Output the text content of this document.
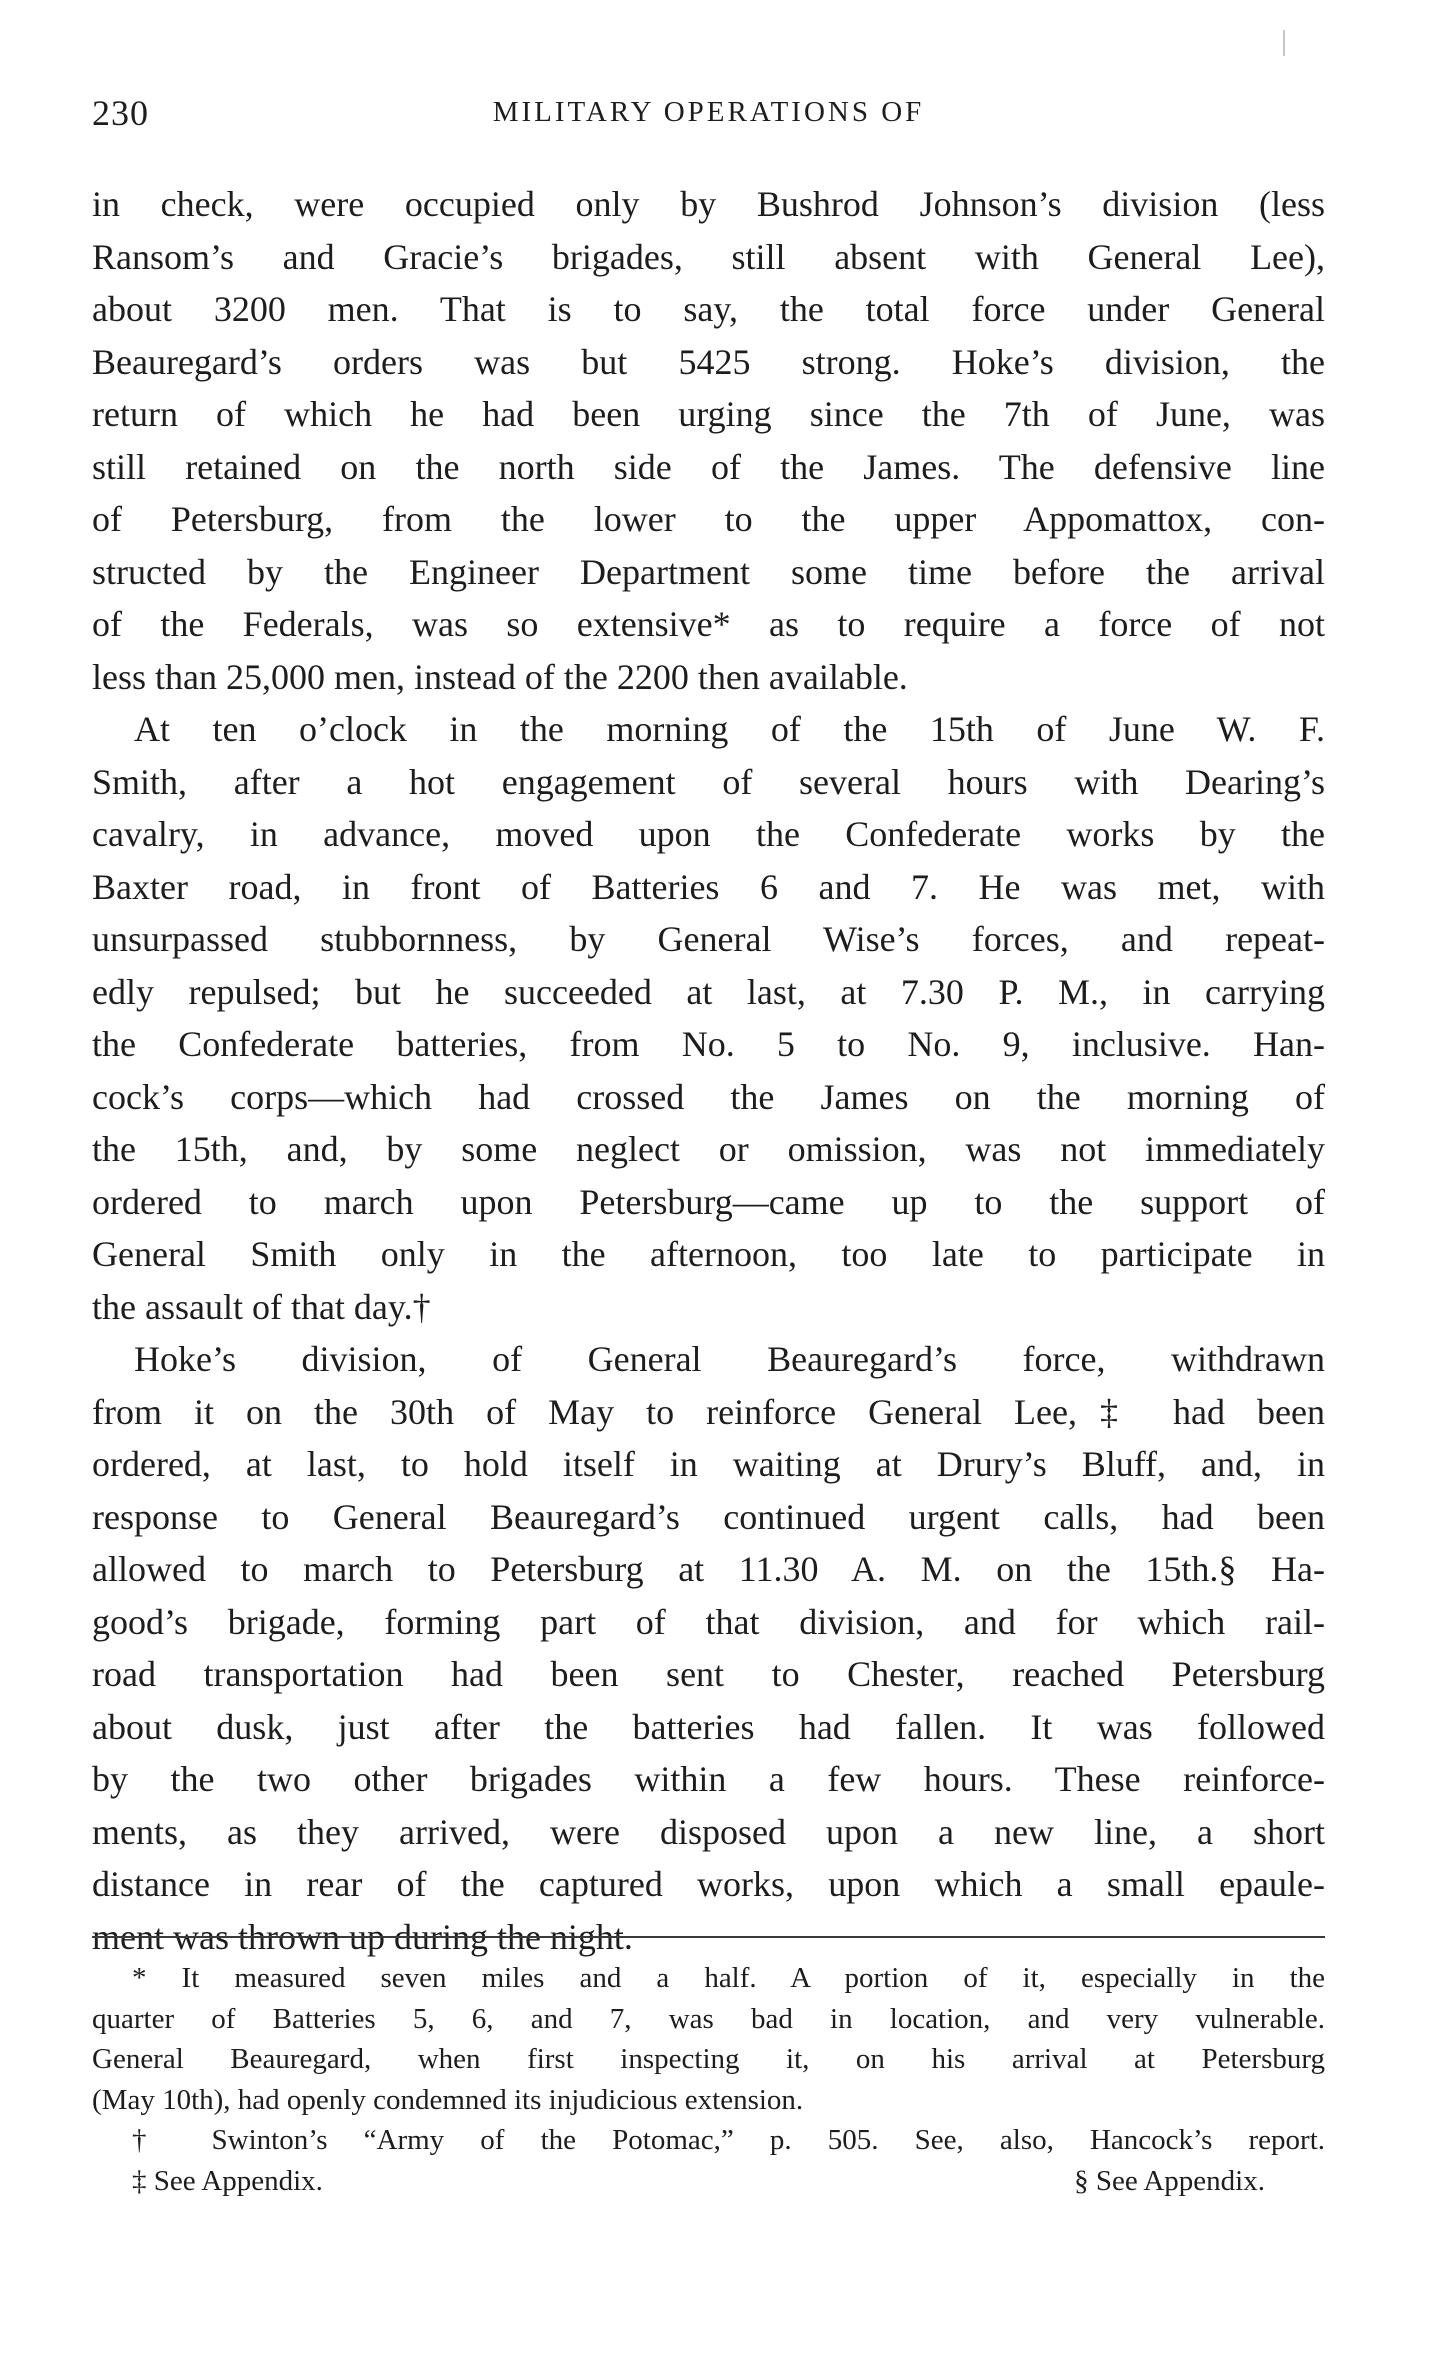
230	MILITARY OPERATIONS OF
in check, were occupied only by Bushrod Johnson’s division (less
Ransom’s and Gracie’s brigades, still absent with General Lee),
about 3200 men. That is to say, the total force under General
Beauregard’s orders was but 5425 strong. Hoke’s division, the
return of which he had been urging since the 7th of June, was
still retained on the north side of the James. The defensive line
of Petersburg, from the lower to the upper Appomattox, con-
structed by the Engineer Department some time before the arrival
of the Federals, was so extensive* as to require a force of not
less than 25,000 men, instead of the 2200 then available.
At ten o’clock in the morning of the 15th of June W. F.
Smith, after a hot engagement of several hours with Dearing’s
cavalry, in advance, moved upon the Confederate works by the
Baxter road, in front of Batteries 6 and 7. He was met, with
unsurpassed stubbornness, by General Wise’s forces, and repeat-
edly repulsed; but he succeeded at last, at 7.30 P. M., in carrying
the Confederate batteries, from No. 5 to No. 9, inclusive. Han-
cock’s corps—which had crossed the James on the morning of
the 15th, and, by some neglect or omission, was not immediately
ordered to march upon Petersburg—came up to the support of
General Smith only in the afternoon, too late to participate in
the assault of that day.†
Hoke’s division, of General Beauregard’s force, withdrawn
from it on the 30th of May to reinforce General Lee,‡ had been
ordered, at last, to hold itself in waiting at Drury’s Bluff, and, in
response to General Beauregard’s continued urgent calls, had been
allowed to march to Petersburg at 11.30 A. M. on the 15th.§ Ha-
good’s brigade, forming part of that division, and for which rail-
road transportation had been sent to Chester, reached Petersburg
about dusk, just after the batteries had fallen. It was followed
by the two other brigades within a few hours. These reinforce-
ments, as they arrived, were disposed upon a new line, a short
distance in rear of the captured works, upon which a small epaule-
ment was thrown up during the night.
* It measured seven miles and a half. A portion of it, especially in the
quarter of Batteries 5, 6, and 7, was bad in location, and very vulnerable.
General Beauregard, when first inspecting it, on his arrival at Petersburg
(May 10th), had openly condemned its injudicious extension.
† Swinton’s “Army of the Potomac,” p. 505. See, also, Hancock’s report.
‡ See Appendix.	§ See Appendix.
